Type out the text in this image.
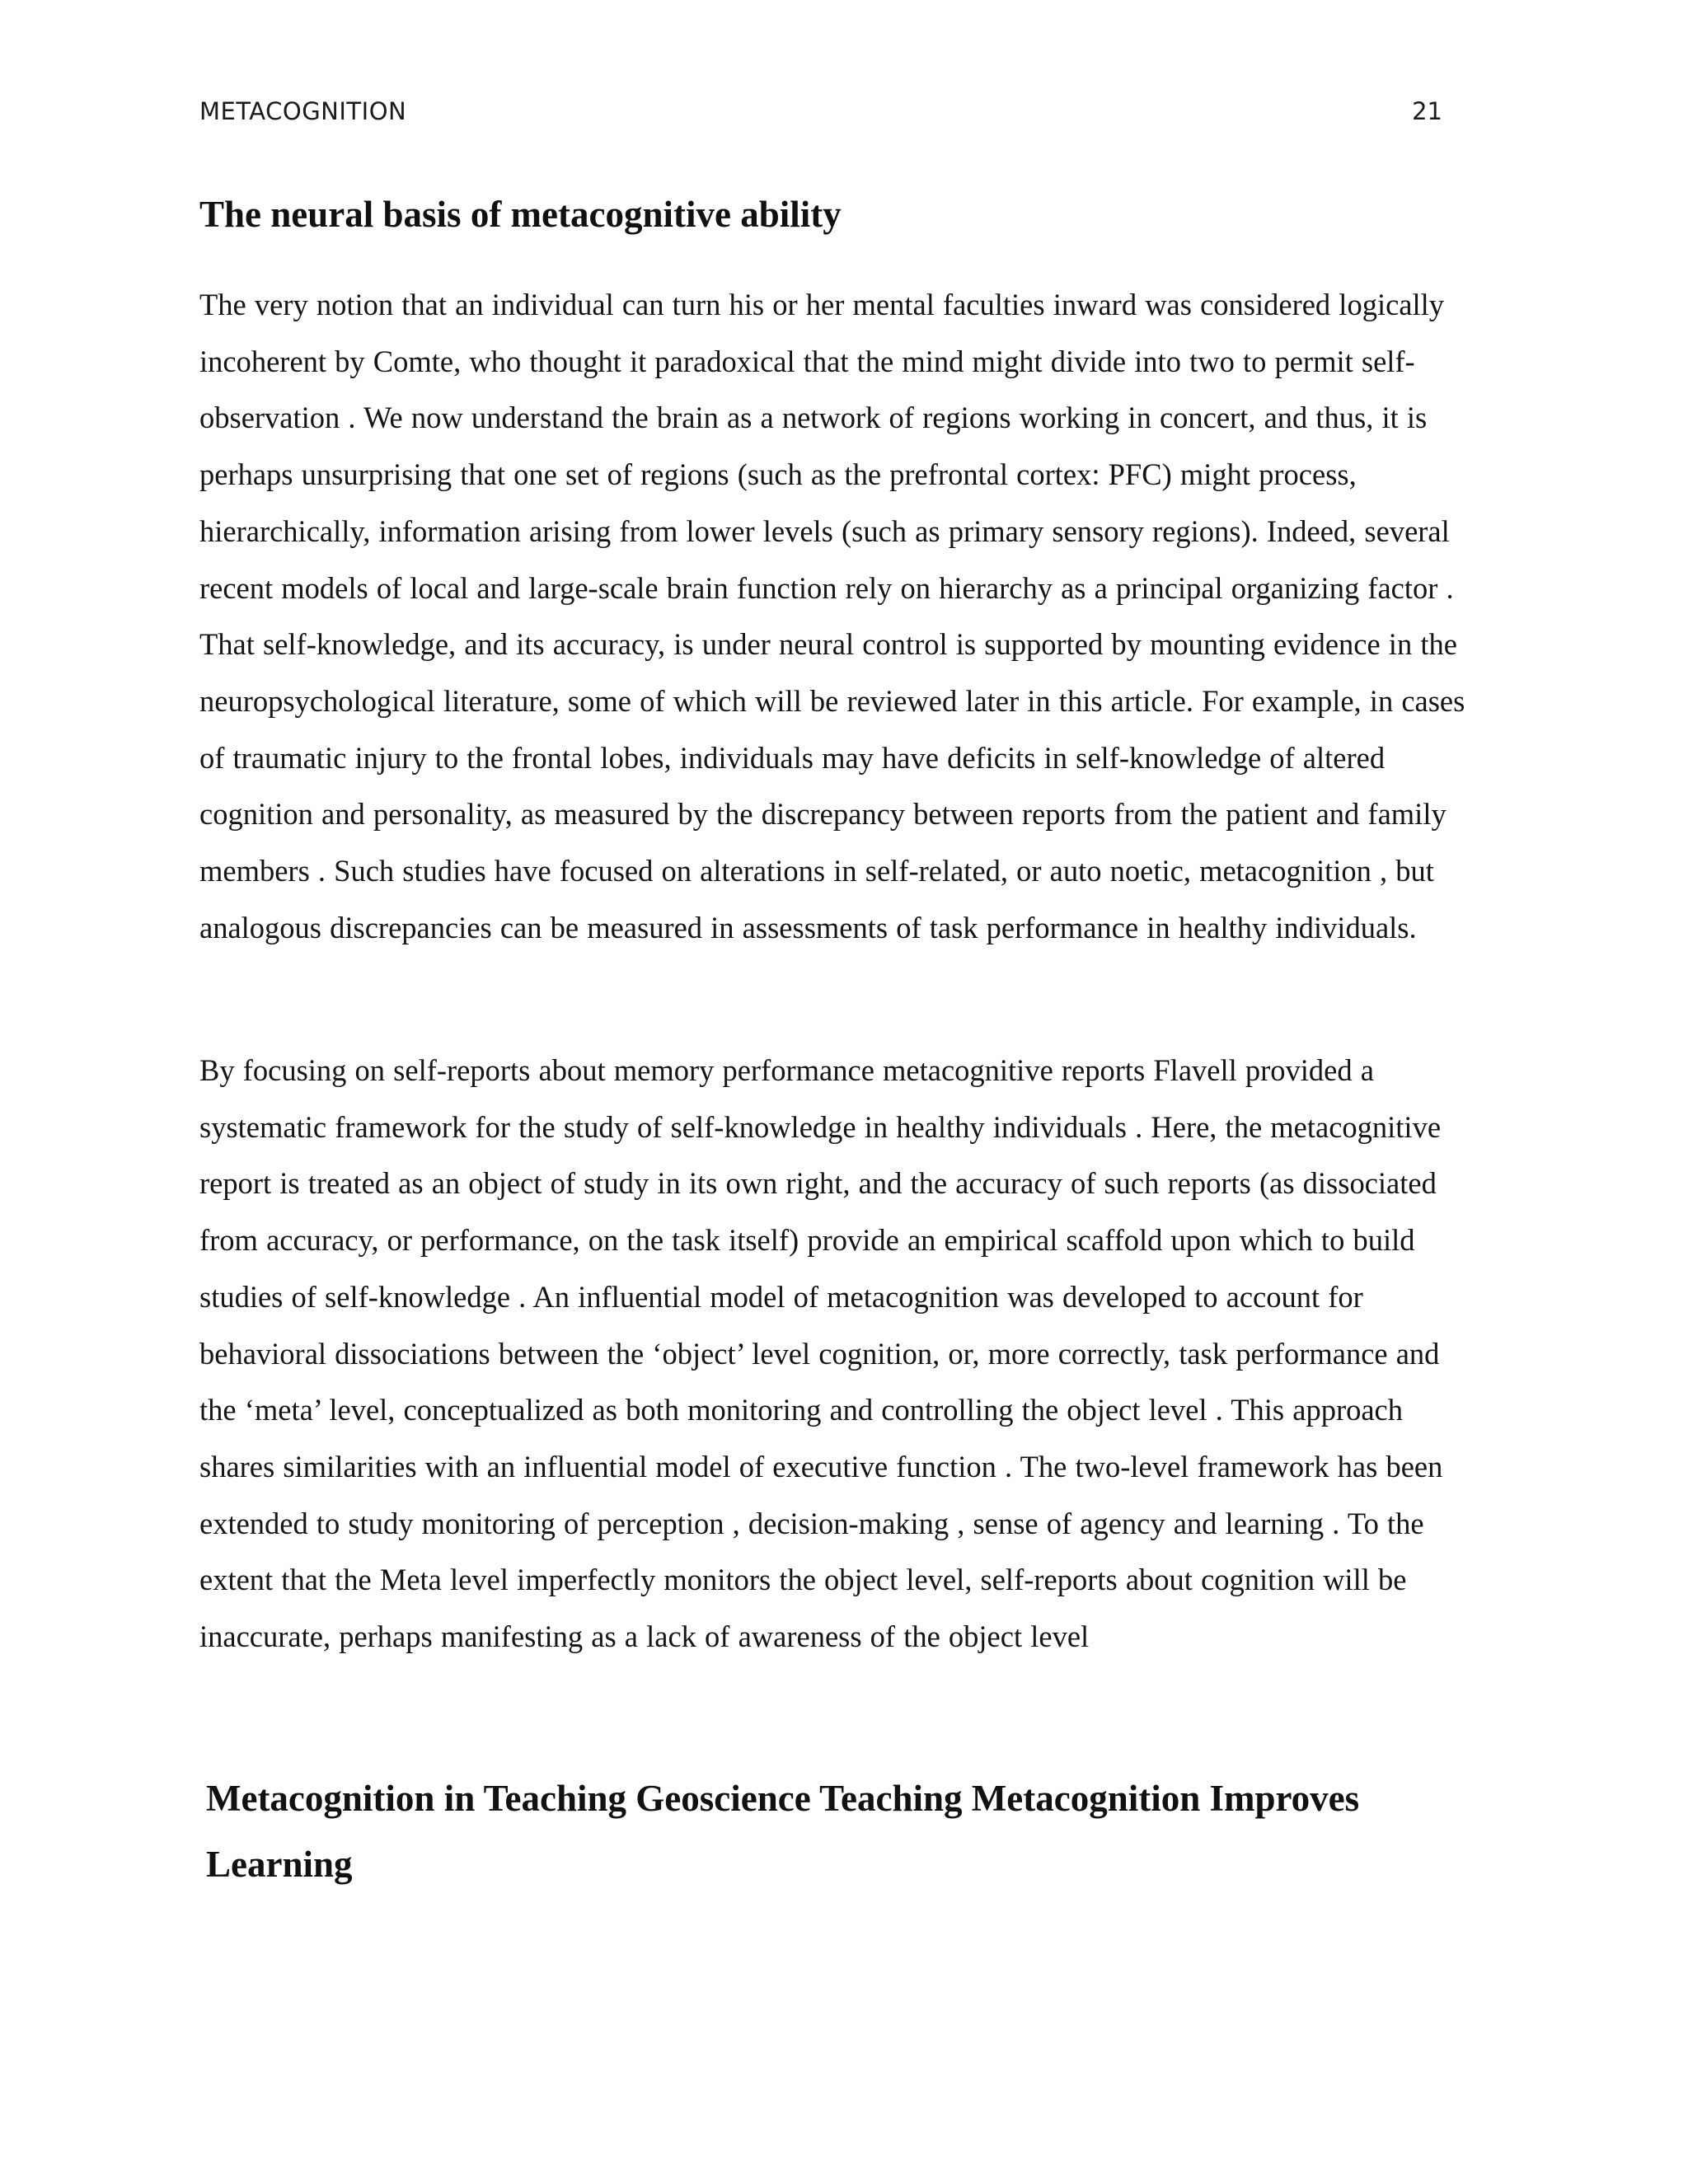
METACOGNITION	21
The neural basis of metacognitive ability

The very notion that an individual can turn his or her mental faculties inward was considered logically incoherent by Comte, who thought it paradoxical that the mind might divide into two to permit self-observation . We now understand the brain as a network of regions working in concert, and thus, it is perhaps unsurprising that one set of regions (such as the prefrontal cortex: PFC) might process, hierarchically, information arising from lower levels (such as primary sensory regions). Indeed, several recent models of local and large-scale brain function rely on hierarchy as a principal organizing factor . That self-knowledge, and its accuracy, is under neural control is supported by mounting evidence in the neuropsychological literature, some of which will be reviewed later in this article. For example, in cases of traumatic injury to the frontal lobes, individuals may have deficits in self-knowledge of altered cognition and personality, as measured by the discrepancy between reports from the patient and family members . Such studies have focused on alterations in self-related, or auto noetic, metacognition , but analogous discrepancies can be measured in assessments of task performance in healthy individuals.

By focusing on self-reports about memory performance metacognitive reports Flavell provided a systematic framework for the study of self-knowledge in healthy individuals . Here, the metacognitive report is treated as an object of study in its own right, and the accuracy of such reports (as dissociated from accuracy, or performance, on the task itself) provide an empirical scaffold upon which to build studies of self-knowledge . An influential model of metacognition was developed to account for behavioral dissociations between the ‘object’ level cognition, or, more correctly, task performance and the ‘meta’ level, conceptualized as both monitoring and controlling the object level . This approach shares similarities with an influential model of executive function . The two-level framework has been extended to study monitoring of perception , decision-making , sense of agency and learning . To the extent that the Meta level imperfectly monitors the object level, self-reports about cognition will be inaccurate, perhaps manifesting as a lack of awareness of the object level

Metacognition in Teaching Geoscience Teaching Metacognition Improves Learning
